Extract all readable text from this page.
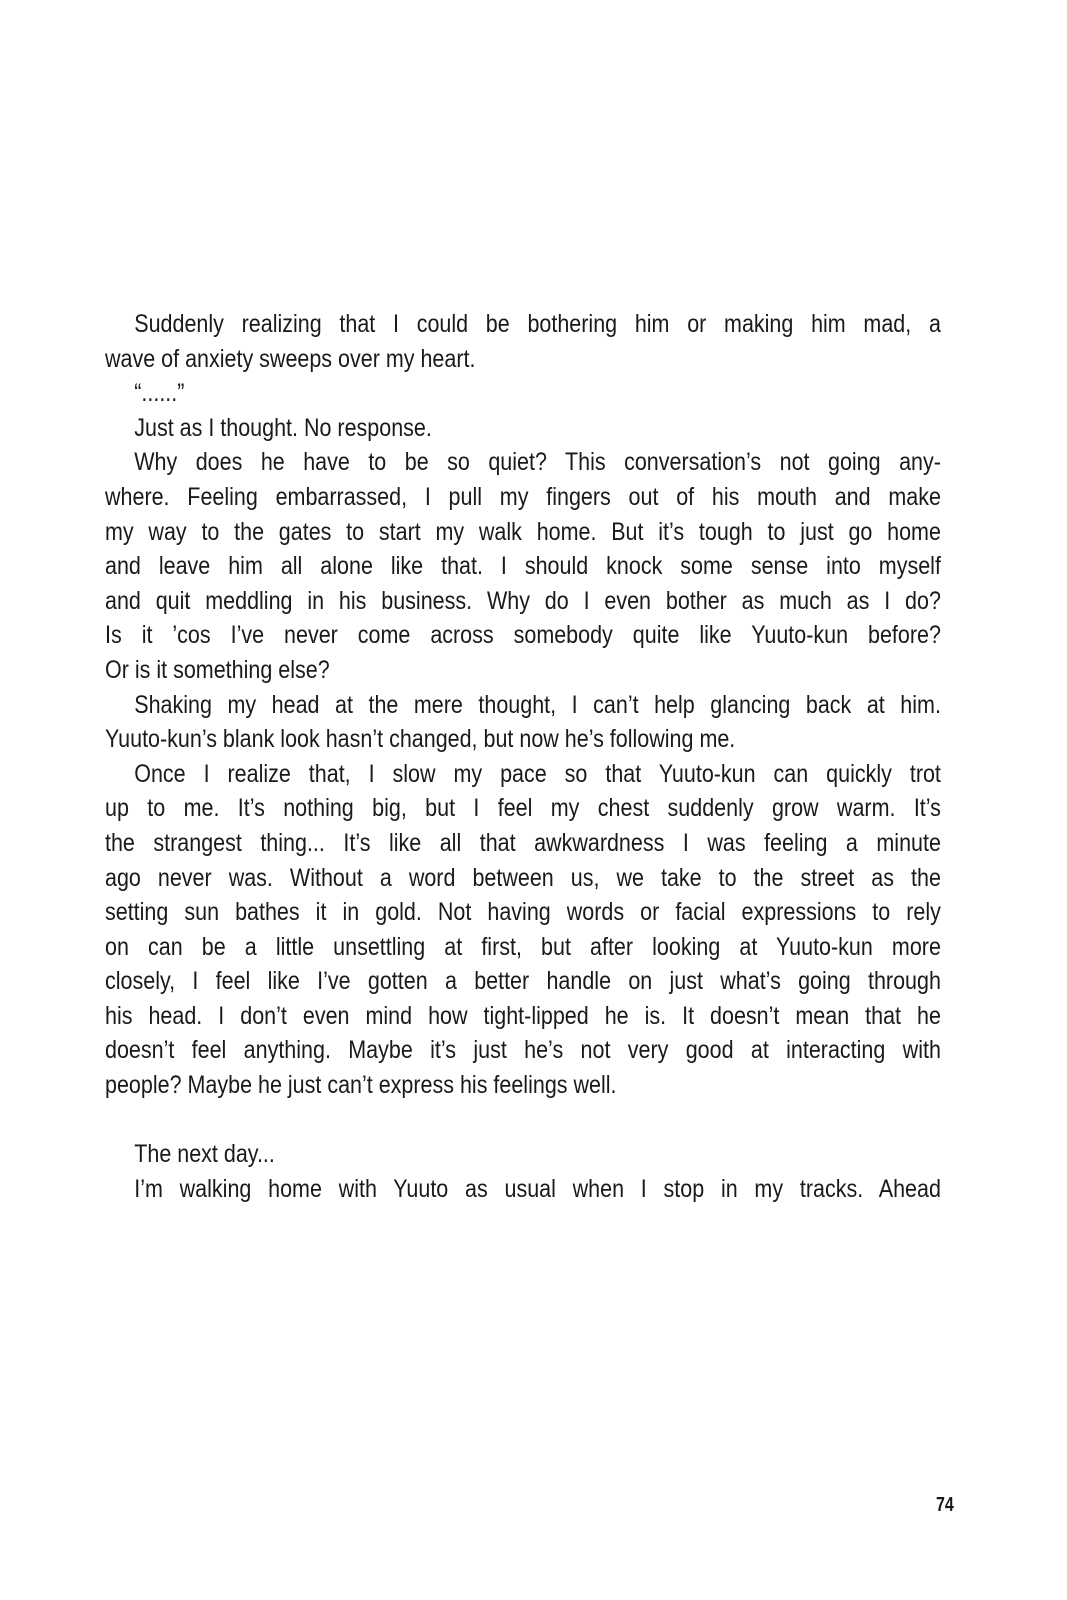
Suddenly realizing that I could be bothering him or making him mad, a
wave of anxiety sweeps over my heart.
“......”
Just as I thought. No response.
Why does he have to be so quiet? This conversation’s not going any-
where. Feeling embarrassed, I pull my fingers out of his mouth and make
my way to the gates to start my walk home. But it’s tough to just go home
and leave him all alone like that. I should knock some sense into myself
and quit meddling in his business. Why do I even bother as much as I do?
Is it ’cos I’ve never come across somebody quite like Yuuto-kun before?
Or is it something else?
Shaking my head at the mere thought, I can’t help glancing back at him.
Yuuto-kun’s blank look hasn’t changed, but now he’s following me.
Once I realize that, I slow my pace so that Yuuto-kun can quickly trot
up to me. It’s nothing big, but I feel my chest suddenly grow warm. It’s
the strangest thing... It’s like all that awkwardness I was feeling a minute
ago never was. Without a word between us, we take to the street as the
setting sun bathes it in gold. Not having words or facial expressions to rely
on can be a little unsettling at first, but after looking at Yuuto-kun more
closely, I feel like I’ve gotten a better handle on just what’s going through
his head. I don’t even mind how tight-lipped he is. It doesn’t mean that he
doesn’t feel anything. Maybe it’s just he’s not very good at interacting with
people? Maybe he just can’t express his feelings well.
The next day...
I’m walking home with Yuuto as usual when I stop in my tracks. Ahead
74
